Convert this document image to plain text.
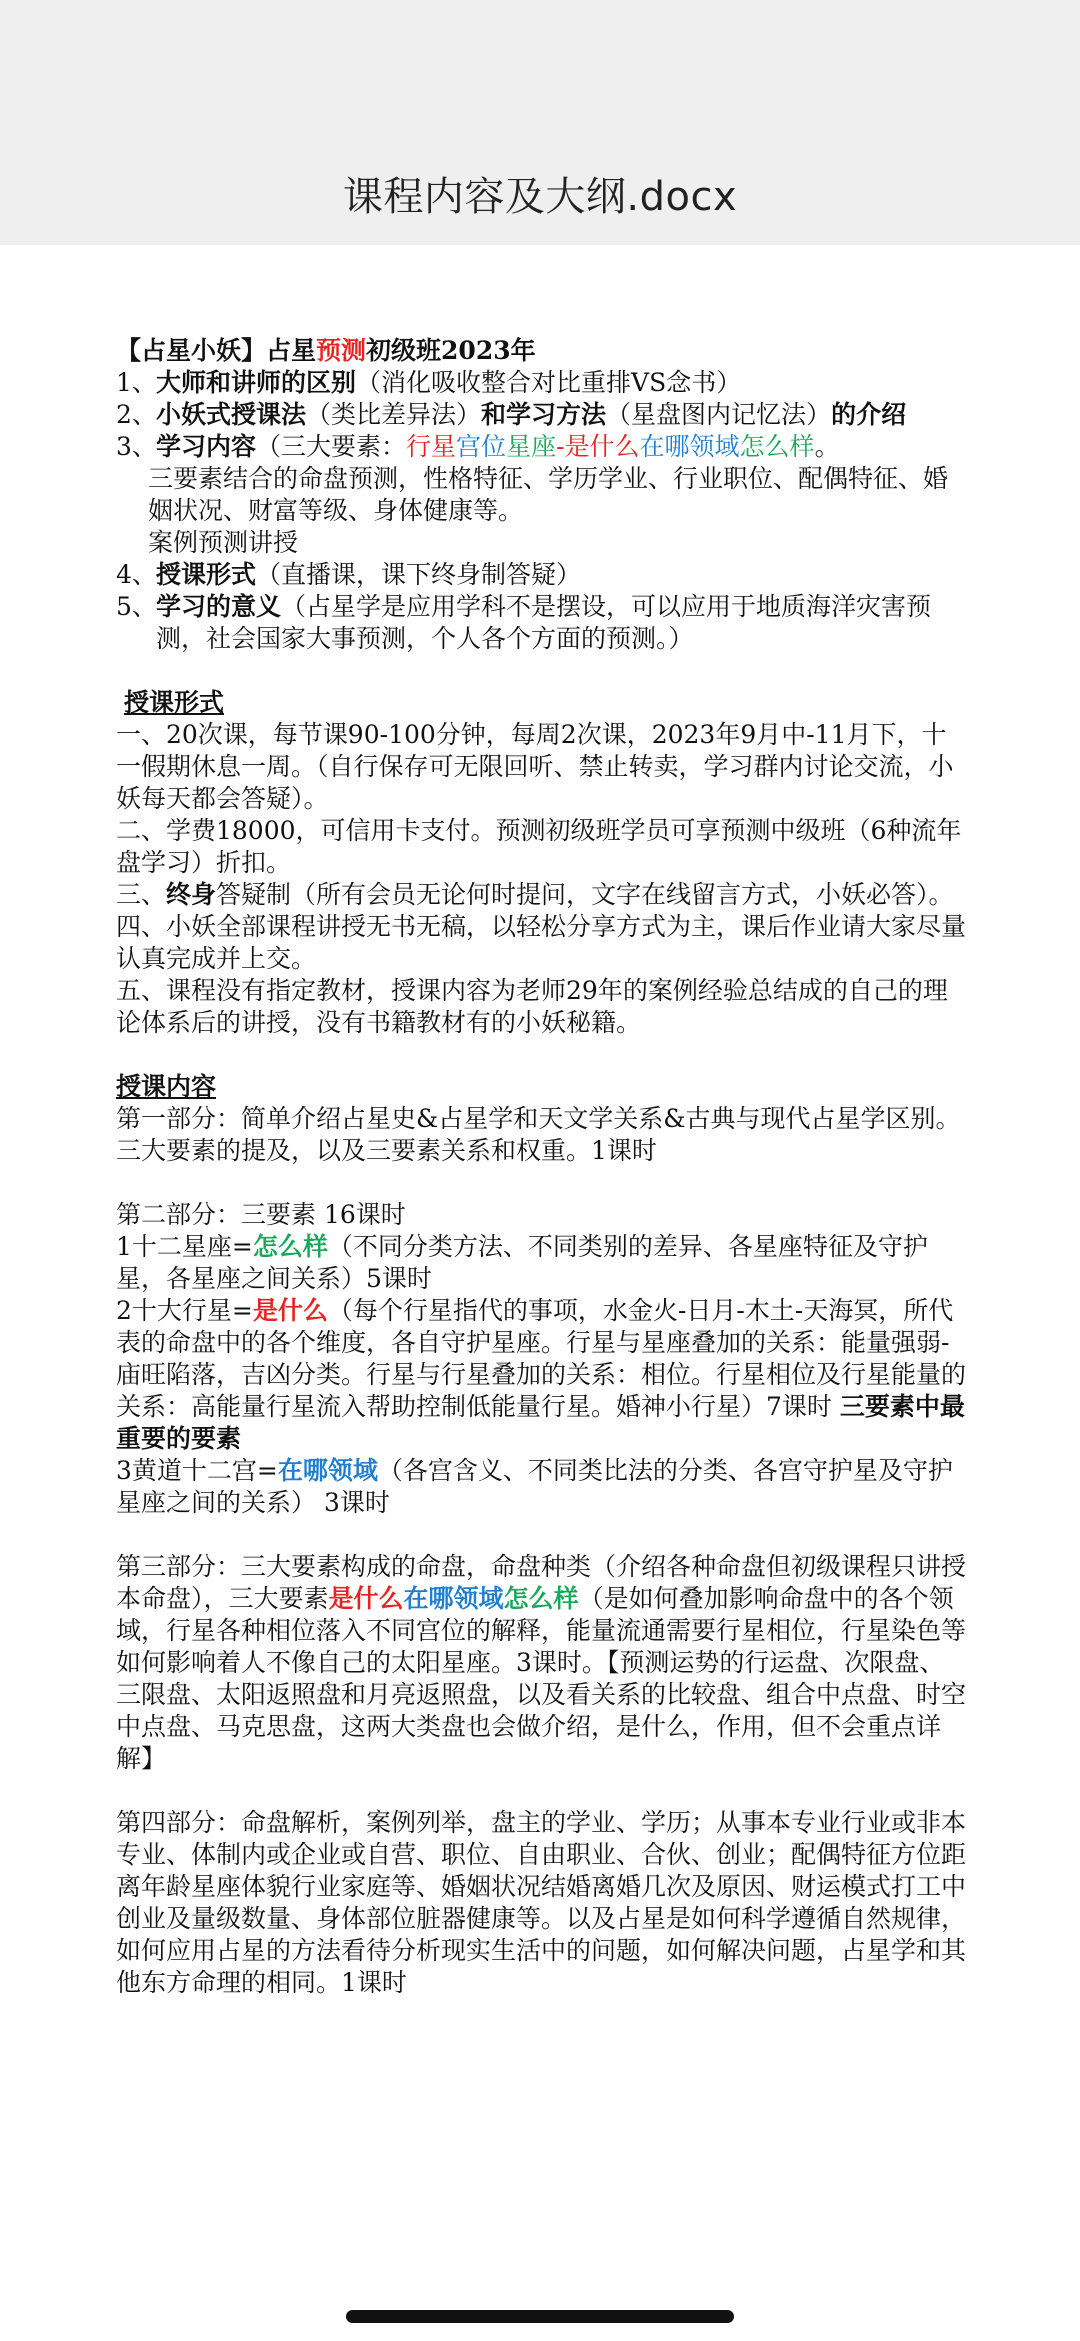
课程内容及大纲.docx

【占星小妖】占星预测初级班2023年

1、 大师和讲师的区别（消化吸收整合对比重排VS念书）
2、 小妖式授课法（类比差异法）和学习方法（星盘图内记忆法）的介绍
3、 学习内容（三大要素：行星宫位星座-是什么在哪领域怎么样。

三要素结合的命盘预测，性格特征、学历学业、行业职位、配偶特征、婚姻状况、财富等级、身体健康等。

案例预测讲授

4、 授课形式（直播课，课下终身制答疑）
5、 学习的意义（占星学是应用学科不是摆设，可以应用于地质海洋灾害预测，社会国家大事预测，个人各个方面的预测。）

授课形式

一、20次课，每节课90-100分钟，每周2次课，2023年9月中-11月下，十一假期休息一周。（自行保存可无限回听、禁止转卖，学习群内讨论交流，小妖每天都会答疑）。

二、学费18000，可信用卡支付。预测初级班学员可享预测中级班（6种流年盘学习）折扣。

三、终身答疑制（所有会员无论何时提问，文字在线留言方式，小妖必答）。

四、小妖全部课程讲授无书无稿，以轻松分享方式为主，课后作业请大家尽量认真完成并上交。

五、课程没有指定教材，授课内容为老师29年的案例经验总结成的自己的理论体系后的讲授，没有书籍教材有的小妖秘籍。

授课内容

第一部分：简单介绍占星史&占星学和天文学关系&古典与现代占星学区别。三大要素的提及，以及三要素关系和权重。1课时

第二部分：三要素 16课时

1十二星座=怎么样（不同分类方法、不同类别的差异、各星座特征及守护星，各星座之间关系）5课时

2十大行星=是什么（每个行星指代的事项，水金火-日月-木土-天海冥，所代表的命盘中的各个维度，各自守护星座。行星与星座叠加的关系：能量强弱-庙旺陷落，吉凶分类。行星与行星叠加的关系：相位。行星相位及行星能量的关系：高能量行星流入帮助控制低能量行星。婚神小行星）7课时 三要素中最重要的要素

3黄道十二宫=在哪领域（各宫含义、不同类比法的分类、各宫守护星及守护星座之间的关系） 3课时

第三部分：三大要素构成的命盘，命盘种类（介绍各种命盘但初级课程只讲授本命盘），三大要素是什么在哪领域怎么样（是如何叠加影响命盘中的各个领域，行星各种相位落入不同宫位的解释，能量流通需要行星相位，行星染色等如何影响着人不像自己的太阳星座。3课时。【预测运势的行运盘、次限盘、三限盘、太阳返照盘和月亮返照盘，以及看关系的比较盘、组合中点盘、时空中点盘、马克思盘，这两大类盘也会做介绍，是什么，作用，但不会重点详解】

第四部分：命盘解析，案例列举，盘主的学业、学历；从事本专业行业或非本专业、体制内或企业或自营、职位、自由职业、合伙、创业；配偶特征方位距离年龄星座体貌行业家庭等、婚姻状况结婚离婚几次及原因、财运模式打工中创业及量级数量、身体部位脏器健康等。以及占星是如何科学遵循自然规律，如何应用占星的方法看待分析现实生活中的问题，如何解决问题，占星学和其他东方命理的相同。1课时
